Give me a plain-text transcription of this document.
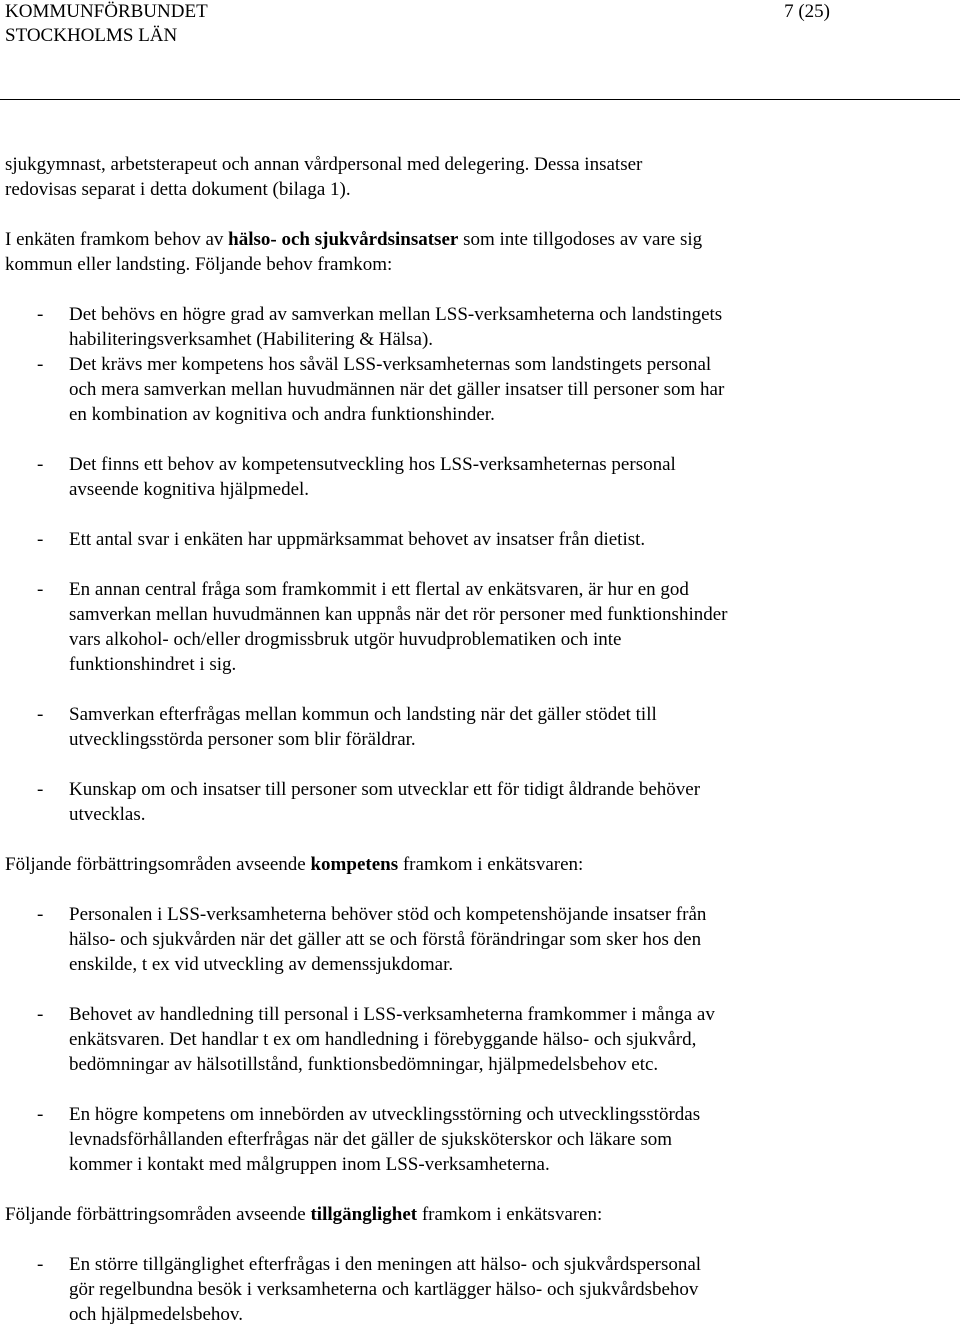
KOMMUNFÖRBUNDET
STOCKHOLMS LÄN
7 (25)

sjukgymnast, arbetsterapeut och annan vårdpersonal med delegering. Dessa insatser
redovisas separat i detta dokument (bilaga 1).

I enkäten framkom behov av hälso- och sjukvårdsinsatser som inte tillgodoses av vare sig
kommun eller landsting. Följande behov framkom:

- Det behövs en högre grad av samverkan mellan LSS-verksamheterna och landstingets
habiliteringsverksamhet (Habilitering & Hälsa).
- Det krävs mer kompetens hos såväl LSS-verksamheternas som landstingets personal
och mera samverkan mellan huvudmännen när det gäller insatser till personer som har
en kombination av kognitiva och andra funktionshinder.
- Det finns ett behov av kompetensutveckling hos LSS-verksamheternas personal
avseende kognitiva hjälpmedel.
- Ett antal svar i enkäten har uppmärksammat behovet av insatser från dietist.
- En annan central fråga som framkommit i ett flertal av enkätsvaren, är hur en god
samverkan mellan huvudmännen kan uppnås när det rör personer med funktionshinder
vars alkohol- och/eller drogmissbruk utgör huvudproblematiken och inte
funktionshindret i sig.
- Samverkan efterfrågas mellan kommun och landsting när det gäller stödet till
utvecklingsstörda personer som blir föräldrar.
- Kunskap om och insatser till personer som utvecklar ett för tidigt åldrande behöver
utvecklas.

Följande förbättringsområden avseende kompetens framkom i enkätsvaren:

- Personalen i LSS-verksamheterna behöver stöd och kompetenshöjande insatser från
hälso- och sjukvården när det gäller att se och förstå förändringar som sker hos den
enskilde, t ex vid utveckling av demenssjukdomar.
- Behovet av handledning till personal i LSS-verksamheterna framkommer i många av
enkätsvaren. Det handlar t ex om handledning i förebyggande hälso- och sjukvård,
bedömningar av hälsotillstånd, funktionsbedömningar, hjälpmedelsbehov etc.
- En högre kompetens om innebörden av utvecklingsstörning och utvecklingsstördas
levnadsförhållanden efterfrågas när det gäller de sjuksköterskor och läkare som
kommer i kontakt med målgruppen inom LSS-verksamheterna.

Följande förbättringsområden avseende tillgänglighet framkom i enkätsvaren:

- En större tillgänglighet efterfrågas i den meningen att hälso- och sjukvårdspersonal
gör regelbundna besök i verksamheterna och kartlägger hälso- och sjukvårdsbehov
och hjälpmedelsbehov.
